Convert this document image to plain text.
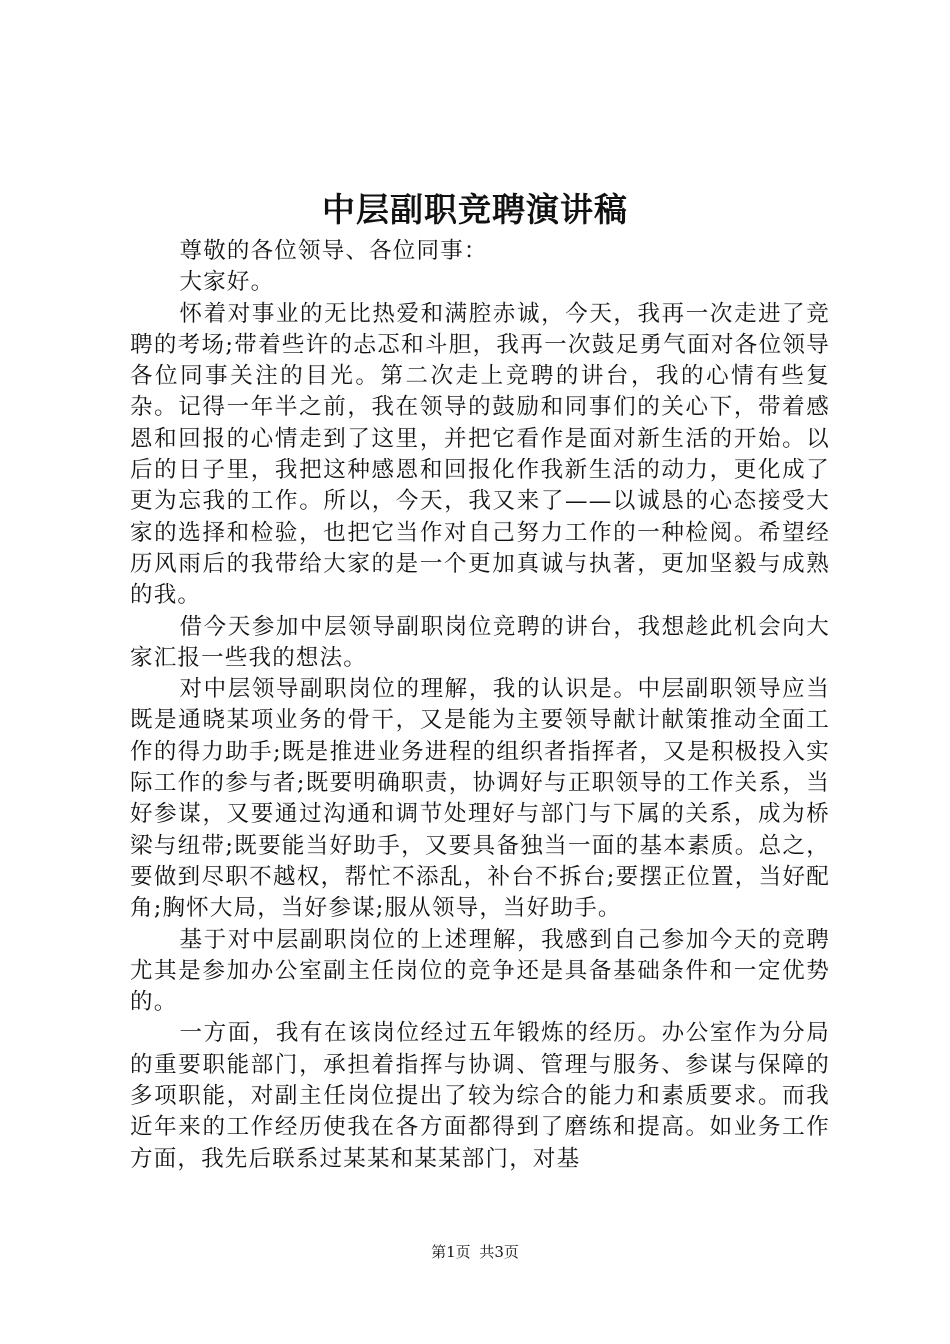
中层副职竞聘演讲稿

尊敬的各位领导、各位同事：

大家好。

怀着对事业的无比热爱和满腔赤诚，今天，我再一次走进了竞聘的考场;带着些许的忐忑和斗胆，我再一次鼓足勇气面对各位领导各位同事关注的目光。第二次走上竞聘的讲台，我的心情有些复杂。记得一年半之前，我在领导的鼓励和同事们的关心下，带着感恩和回报的心情走到了这里，并把它看作是面对新生活的开始。以后的日子里，我把这种感恩和回报化作我新生活的动力，更化成了更为忘我的工作。所以，今天，我又来了——以诚恳的心态接受大家的选择和检验，也把它当作对自己努力工作的一种检阅。希望经历风雨后的我带给大家的是一个更加真诚与执著，更加坚毅与成熟的我。

借今天参加中层领导副职岗位竞聘的讲台，我想趁此机会向大家汇报一些我的想法。

对中层领导副职岗位的理解，我的认识是。中层副职领导应当既是通晓某项业务的骨干，又是能为主要领导献计献策推动全面工作的得力助手;既是推进业务进程的组织者指挥者，又是积极投入实际工作的参与者;既要明确职责，协调好与正职领导的工作关系，当好参谋，又要通过沟通和调节处理好与部门与下属的关系，成为桥梁与纽带;既要能当好助手，又要具备独当一面的基本素质。总之，要做到尽职不越权，帮忙不添乱，补台不拆台;要摆正位置，当好配角;胸怀大局，当好参谋;服从领导，当好助手。

基于对中层副职岗位的上述理解，我感到自己参加今天的竞聘尤其是参加办公室副主任岗位的竞争还是具备基础条件和一定优势的。

一方面，我有在该岗位经过五年锻炼的经历。办公室作为分局的重要职能部门，承担着指挥与协调、管理与服务、参谋与保障的多项职能，对副主任岗位提出了较为综合的能力和素质要求。而我近年来的工作经历使我在各方面都得到了磨练和提高。如业务工作方面，我先后联系过某某和某某部门，对基

第1页 共3页
